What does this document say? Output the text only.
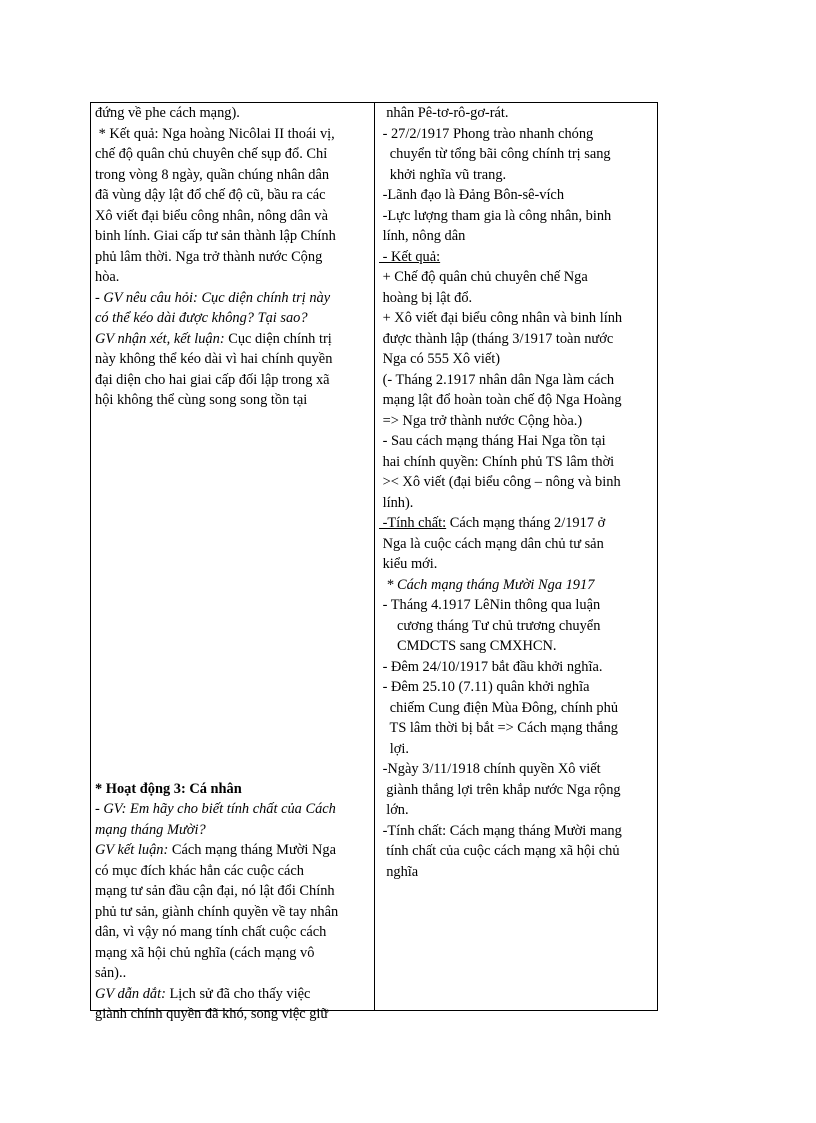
đứng về phe cách mạng).
* Kết quả: Nga hoàng Nicôlai II thoái vị,
chế độ quân chủ chuyên chế sụp đổ. Chỉ
trong vòng 8 ngày, quần chúng nhân dân
đã vùng dậy lật đổ chế độ cũ, bầu ra các
Xô viết đại biểu công nhân, nông dân và
binh lính. Giai cấp tư sản thành lập Chính
phủ lâm thời. Nga trở thành nước Cộng
hòa.
- GV nêu câu hỏi: Cục diện chính trị này
có thể kéo dài được không? Tại sao?
GV nhận xét, kết luận: Cục diện chính trị
này không thể kéo dài vì hai chính quyền
đại diện cho hai giai cấp đối lập trong xã
hội không thể cùng song song tồn tại
* Hoạt động 3: Cá nhân
- GV: Em hãy cho biết tính chất của Cách
mạng tháng Mười?
GV kết luận: Cách mạng tháng Mười Nga
có mục đích khác hẳn các cuộc cách
mạng tư sản đầu cận đại, nó lật đổi Chính
phủ tư sản, giành chính quyền về tay nhân
dân, vì vậy nó mang tính chất cuộc cách
mạng xã hội chủ nghĩa (cách mạng vô
sản)..
GV dẫn dắt: Lịch sử đã cho thấy việc
giành chính quyền đã khó, song việc giữ
nhân Pê-tơ-rô-gơ-rát.
- 27/2/1917 Phong trào nhanh chóng
chuyển từ tổng bãi công chính trị sang
khởi nghĩa vũ trang.
-Lãnh đạo là Đảng Bôn-sê-vích
-Lực lượng tham gia là công nhân, binh
lính, nông dân
- Kết quả:
+ Chế độ quân chủ chuyên chế Nga
hoàng bị lật đổ.
+ Xô viết đại biểu công nhân và binh lính
được thành lập (tháng 3/1917 toàn nước
Nga có 555 Xô viết)
(- Tháng 2.1917 nhân dân Nga làm cách
mạng lật đổ hoàn toàn chế độ Nga Hoàng
=> Nga trở thành nước Cộng hòa.)
- Sau cách mạng tháng Hai Nga tồn tại
hai chính quyền: Chính phủ TS lâm thời
>< Xô viết (đại biểu công – nông và binh
lính).
-Tính chất: Cách mạng tháng 2/1917 ở
Nga là cuộc cách mạng dân chủ tư sản
kiểu mới.
* Cách mạng tháng Mười Nga 1917
- Tháng 4.1917 LêNin thông qua luận
cương tháng Tư chủ trương chuyển
CMDCTS sang CMXHCN.
- Đêm 24/10/1917 bắt đầu khởi nghĩa.
- Đêm 25.10 (7.11) quân khởi nghĩa
chiếm Cung điện Mùa Đông, chính phủ
TS lâm thời bị bắt => Cách mạng thắng
lợi.
-Ngày 3/11/1918 chính quyền Xô viết
giành thắng lợi trên khắp nước Nga rộng
lớn.
-Tính chất: Cách mạng tháng Mười mang
tính chất của cuộc cách mạng xã hội chủ
nghĩa
